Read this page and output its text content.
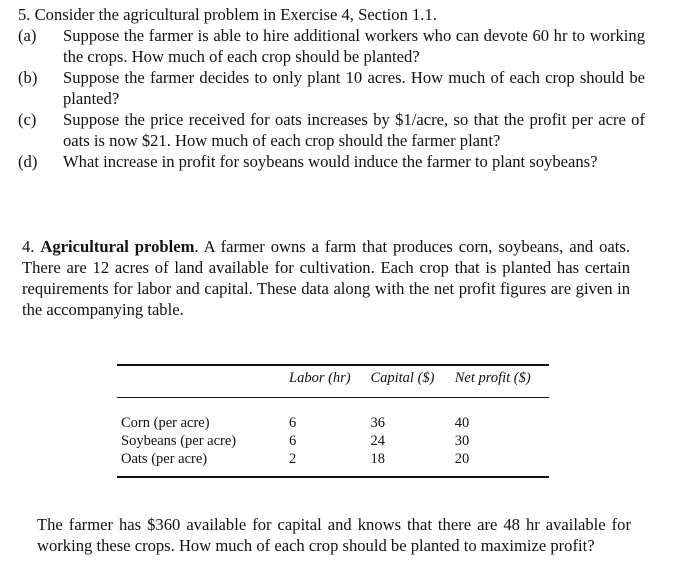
5. Consider the agricultural problem in Exercise 4, Section 1.1.
(a) Suppose the farmer is able to hire additional workers who can devote 60 hr to working the crops. How much of each crop should be planted?
(b) Suppose the farmer decides to only plant 10 acres. How much of each crop should be planted?
(c) Suppose the price received for oats increases by $1/acre, so that the profit per acre of oats is now $21. How much of each crop should the farmer plant?
(d) What increase in profit for soybeans would induce the farmer to plant soybeans?
4. Agricultural problem. A farmer owns a farm that produces corn, soybeans, and oats. There are 12 acres of land available for cultivation. Each crop that is planted has certain requirements for labor and capital. These data along with the net profit figures are given in the accompanying table.
	Labor (hr)	Capital ($)	Net profit ($)
Corn (per acre)	6	36	40
Soybeans (per acre)	6	24	30
Oats (per acre)	2	18	20
The farmer has $360 available for capital and knows that there are 48 hr available for working these crops. How much of each crop should be planted to maximize profit?
